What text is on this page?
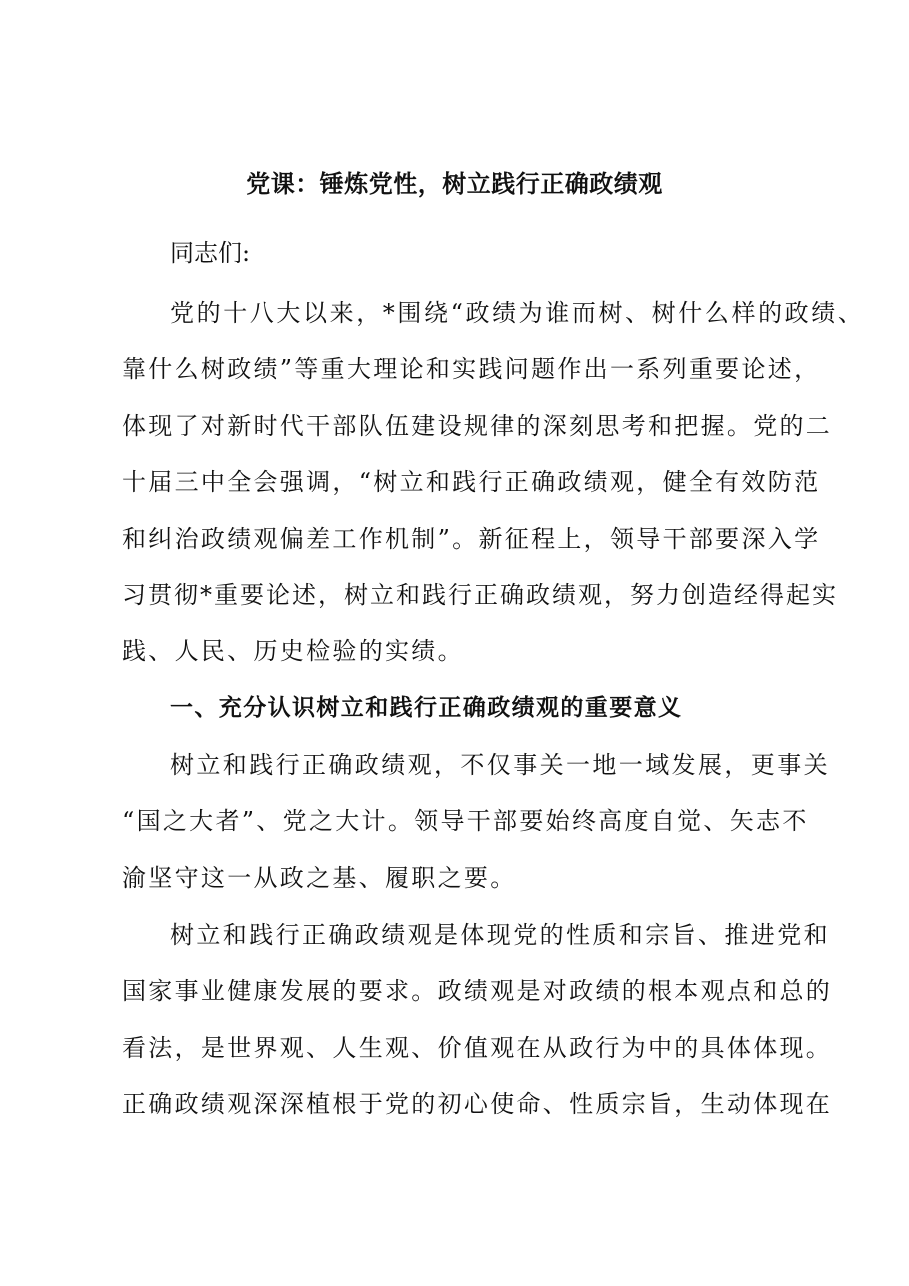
党课：锤炼党性，树立践行正确政绩观
同志们:
党的十八大以来，*围绕“政绩为谁而树、树什么样的政绩、
靠什么树政绩”等重大理论和实践问题作出一系列重要论述，
体现了对新时代干部队伍建设规律的深刻思考和把握。党的二
十届三中全会强调，“树立和践行正确政绩观，健全有效防范
和纠治政绩观偏差工作机制”。新征程上，领导干部要深入学
习贯彻*重要论述，树立和践行正确政绩观，努力创造经得起实
践、人民、历史检验的实绩。
一、充分认识树立和践行正确政绩观的重要意义
树立和践行正确政绩观，不仅事关一地一域发展，更事关
“国之大者”、党之大计。领导干部要始终高度自觉、矢志不
渝坚守这一从政之基、履职之要。
树立和践行正确政绩观是体现党的性质和宗旨、推进党和
国家事业健康发展的要求。政绩观是对政绩的根本观点和总的
看法，是世界观、人生观、价值观在从政行为中的具体体现。
正确政绩观深深植根于党的初心使命、性质宗旨，生动体现在
